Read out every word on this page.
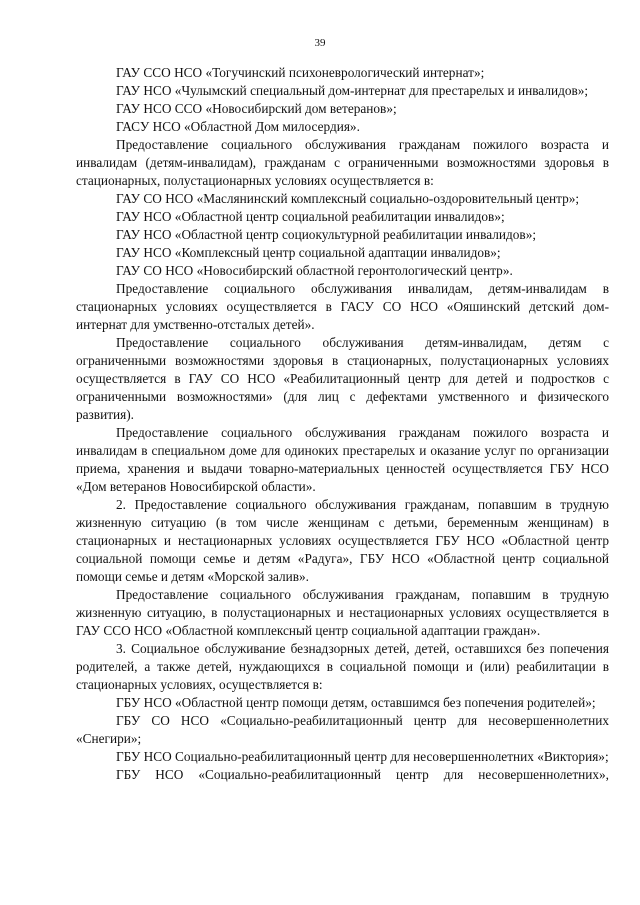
39

ГАУ ССО НСО «Тогучинский психоневрологический интернат»;

ГАУ НСО «Чулымский специальный дом-интернат для престарелых и инвалидов»;

ГАУ НСО ССО «Новосибирский дом ветеранов»;

ГАСУ НСО «Областной Дом милосердия».

Предоставление социального обслуживания гражданам пожилого возраста и инвалидам (детям-инвалидам), гражданам с ограниченными возможностями здоровья в стационарных, полустационарных условиях осуществляется в:

ГАУ СО НСО «Маслянинский комплексный социально-оздоровительный центр»;

ГАУ НСО «Областной центр социальной реабилитации инвалидов»;

ГАУ НСО «Областной центр социокультурной реабилитации инвалидов»;

ГАУ НСО «Комплексный центр социальной адаптации инвалидов»;

ГАУ СО НСО «Новосибирский областной геронтологический центр».

Предоставление социального обслуживания инвалидам, детям-инвалидам в стационарных условиях осуществляется в ГАСУ СО НСО «Ояшинский детский дом-интернат для умственно-отсталых детей».

Предоставление социального обслуживания детям-инвалидам, детям с ограниченными возможностями здоровья в стационарных, полустационарных условиях осуществляется в ГАУ СО НСО «Реабилитационный центр для детей и подростков с ограниченными возможностями» (для лиц с дефектами умственного и физического развития).

Предоставление социального обслуживания гражданам пожилого возраста и инвалидам в специальном доме для одиноких престарелых и оказание услуг по организации приема, хранения и выдачи товарно-материальных ценностей осуществляется ГБУ НСО «Дом ветеранов Новосибирской области».

2. Предоставление социального обслуживания гражданам, попавшим в трудную жизненную ситуацию (в том числе женщинам с детьми, беременным женщинам) в стационарных и нестационарных условиях осуществляется ГБУ НСО «Областной центр социальной помощи семье и детям «Радуга», ГБУ НСО «Областной центр социальной помощи семье и детям «Морской залив».

Предоставление социального обслуживания гражданам, попавшим в трудную жизненную ситуацию, в полустационарных и нестационарных условиях осуществляется в ГАУ ССО НСО «Областной комплексный центр социальной адаптации граждан».

3. Социальное обслуживание безнадзорных детей, детей, оставшихся без попечения родителей, а также детей, нуждающихся в социальной помощи и (или) реабилитации в стационарных условиях, осуществляется в:

ГБУ НСО «Областной центр помощи детям, оставшимся без попечения родителей»;

ГБУ СО НСО «Социально-реабилитационный центр для несовершеннолетних «Снегири»;

ГБУ НСО Социально-реабилитационный центр для несовершеннолетних «Виктория»;

ГБУ НСО «Социально-реабилитационный центр для несовершеннолетних»,
